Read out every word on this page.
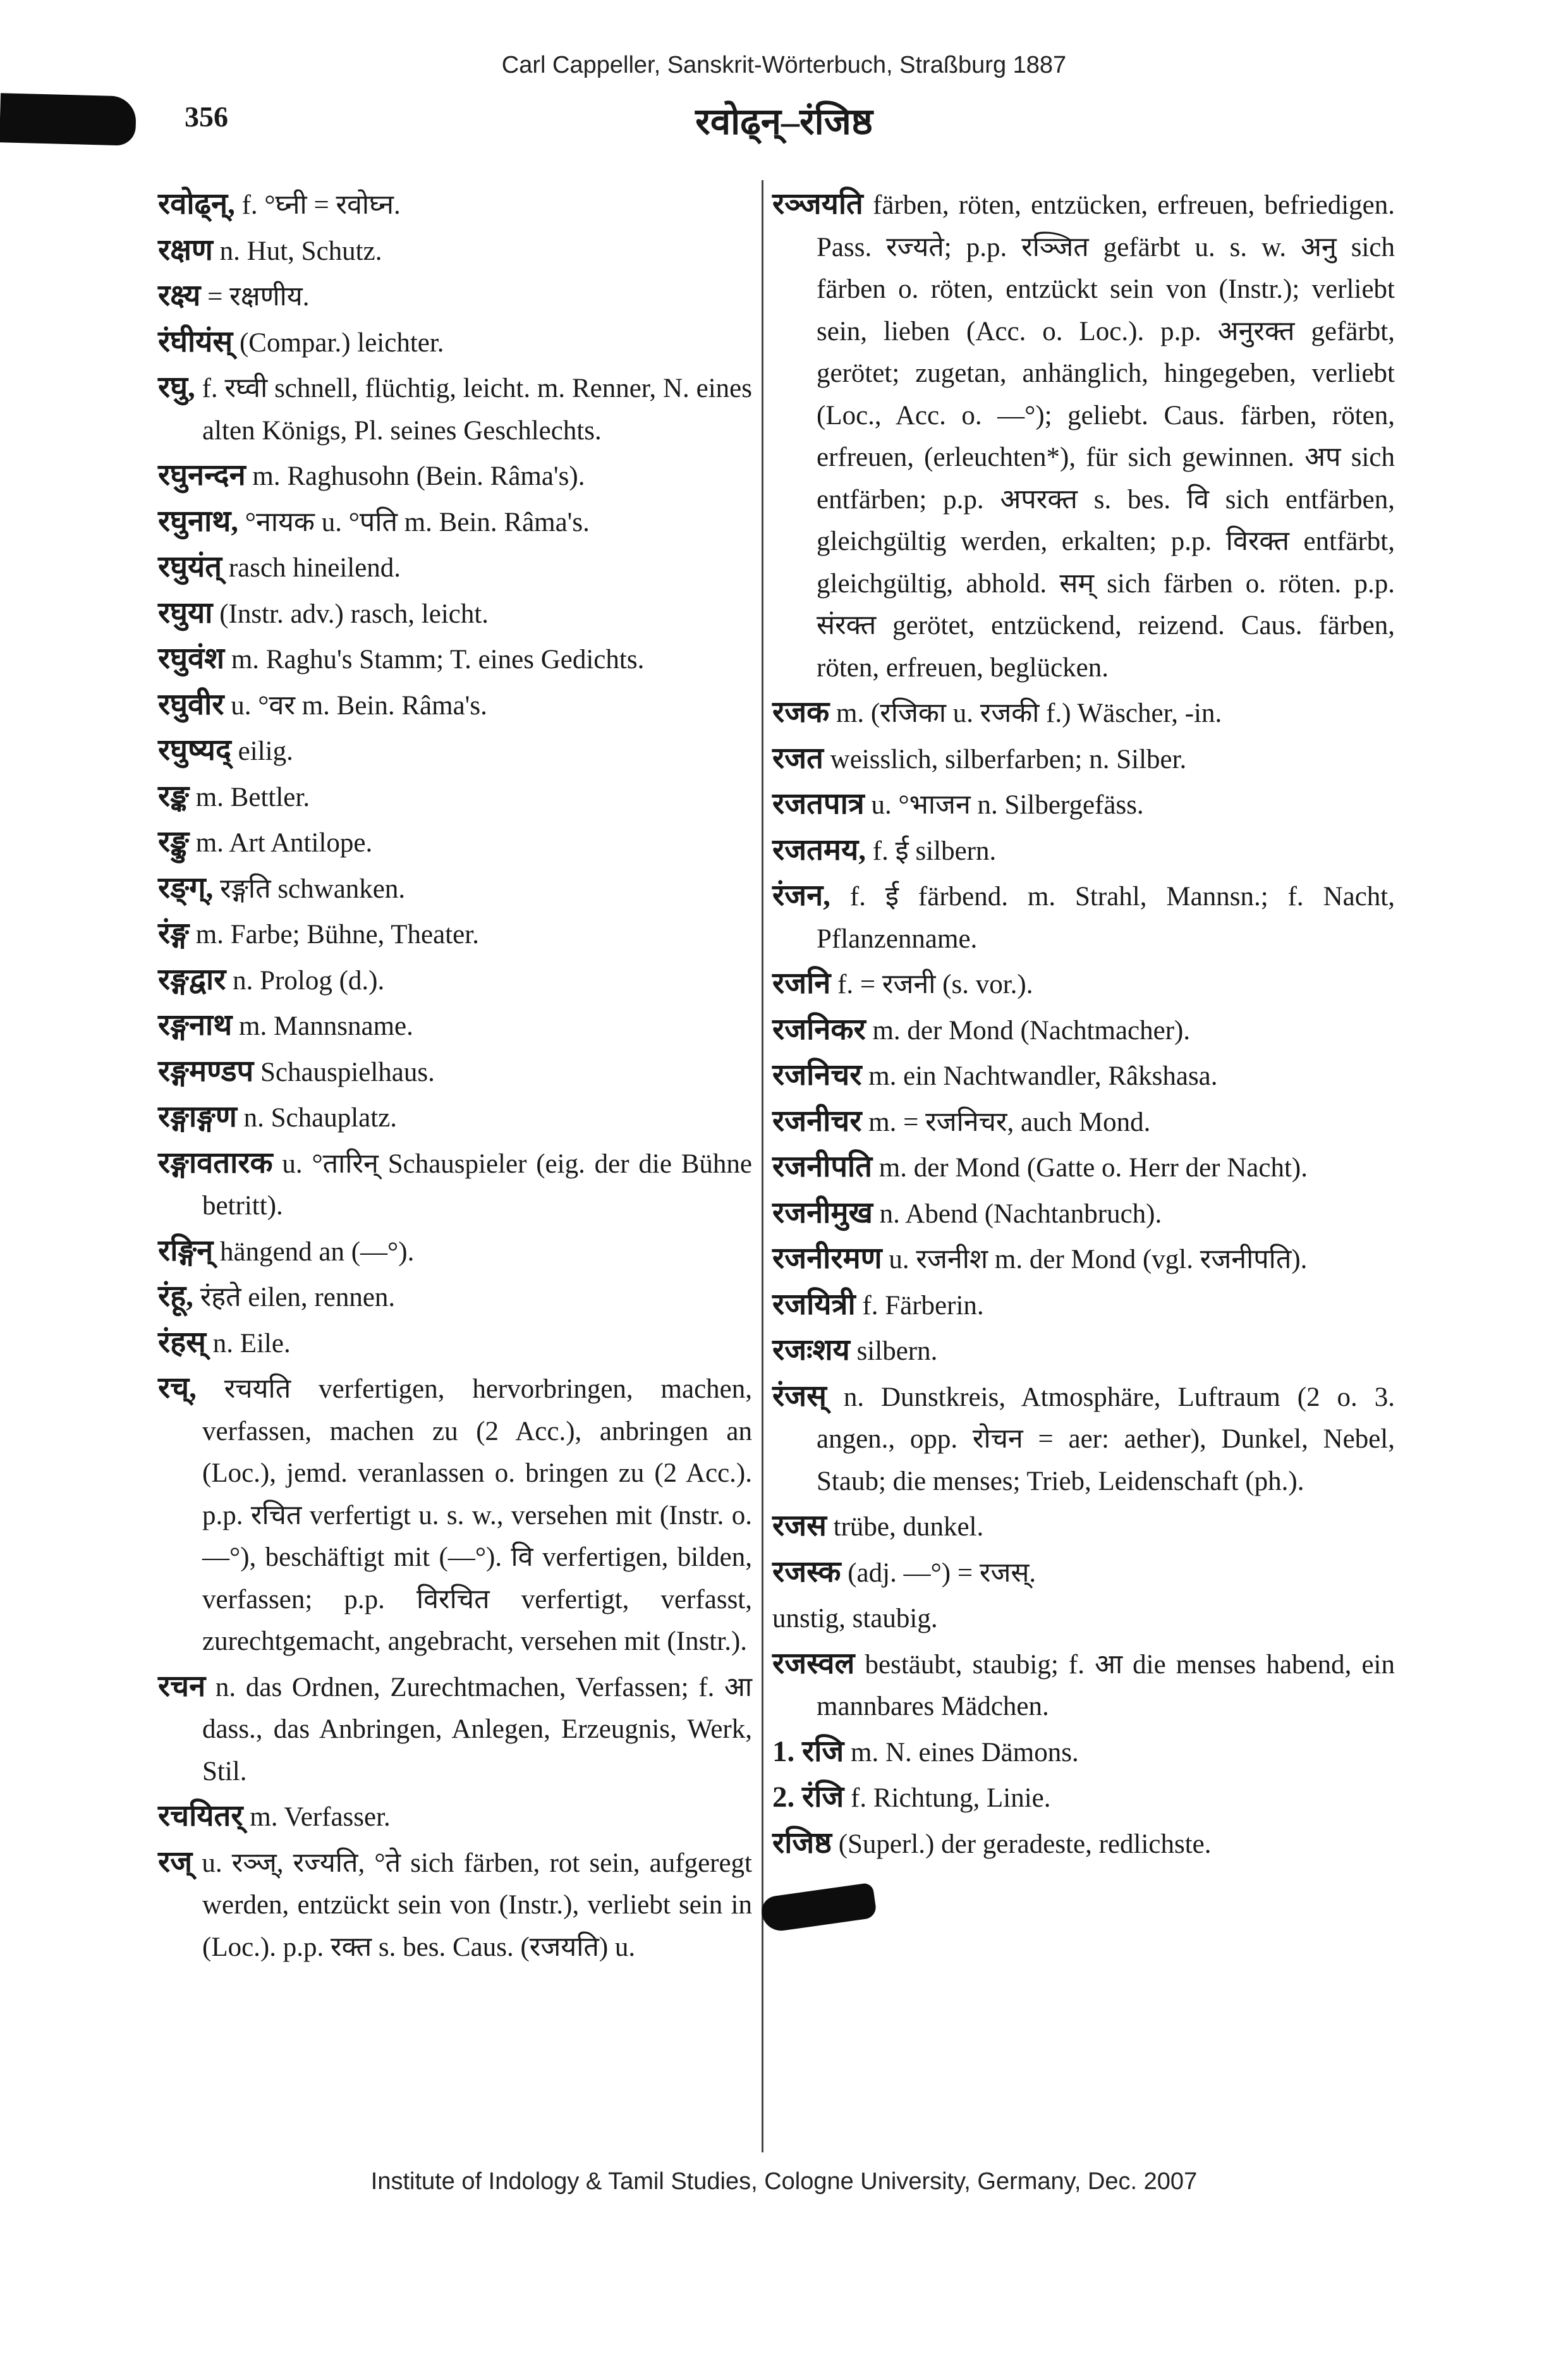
Carl Cappeller, Sanskrit-Wörterbuch, Straßburg 1887
356	रवोढ्न्–रंजिष्ठ

रवोढ्न्, f. °घ्नी = रवोघ्न.

रक्षण n. Hut, Schutz.

रक्ष्य = रक्षणीय.

रंघीयंस् (Compar.) leichter.

रघु, f. रघ्वी schnell, flüchtig, leicht. m. Renner, N. eines alten Königs, Pl. seines Geschlechts.

रघुनन्दन m. Raghusohn (Bein. Râma's).

रघुनाथ, °नायक u. °पति m. Bein. Râma's.

रघुयंत् rasch hineilend.

रघुया (Instr. adv.) rasch, leicht.

रघुवंश m. Raghu's Stamm; T. eines Gedichts.

रघुवीर u. °वर m. Bein. Râma's.

रघुष्यद् eilig.

रङ्क m. Bettler.

रङ्कु m. Art Antilope.

रङ्ग्, रङ्गति schwanken.

रंङ्ग m. Farbe; Bühne, Theater.

रङ्गद्वार n. Prolog (d.).

रङ्गनाथ m. Mannsname.

रङ्गमण्डप Schauspielhaus.

रङ्गाङ्गण n. Schauplatz.

रङ्गावतारक u. °तारिन् Schauspieler (eig. der die Bühne betritt).

रङ्गिन् hängend an (—°).

रंहू, रंहते eilen, rennen.

रंहस् n. Eile.

रच्, रचयति verfertigen, hervorbringen, machen, verfassen, machen zu (2 Acc.), anbringen an (Loc.), jemd. veranlassen o. bringen zu (2 Acc.). p.p. रचित verfertigt u. s. w., versehen mit (Instr. o. —°), beschäftigt mit (—°). वि verfertigen, bilden, verfassen; p.p. विरचित verfertigt, verfasst, zurechtgemacht, angebracht, versehen mit (Instr.).

रचन n. das Ordnen, Zurechtmachen, Verfassen; f. आ dass., das Anbringen, Anlegen, Erzeugnis, Werk, Stil.

रचयितर् m. Verfasser.

रज् u. रञ्ज्, रज्यति, °ते sich färben, rot sein, aufgeregt werden, entzückt sein von (Instr.), verliebt sein in (Loc.). p.p. रक्त s. bes. Caus. (रजयति) u.

रञ्जयति färben, röten, entzücken, erfreuen, befriedigen. Pass. रज्यते; p.p. रञ्जित gefärbt u. s. w. अनु sich färben o. röten, entzückt sein von (Instr.); verliebt sein, lieben (Acc. o. Loc.). p.p. अनुरक्त gefärbt, gerötet; zugetan, anhänglich, hingegeben, verliebt (Loc., Acc. o. —°); geliebt. Caus. färben, röten, erfreuen, (erleuchten*), für sich gewinnen. अप sich entfärben; p.p. अपरक्त s. bes. वि sich entfärben, gleichgültig werden, erkalten; p.p. विरक्त entfärbt, gleichgültig, abhold. सम् sich färben o. röten. p.p. संरक्त gerötet, entzückend, reizend. Caus. färben, röten, erfreuen, beglücken.

रजक m. (रजिका u. रजकी f.) Wäscher, -in.

रजत weisslich, silberfarben; n. Silber.

रजतपात्र u. °भाजन n. Silbergefäss.

रजतमय, f. ई silbern.

रंजन, f. ई färbend. m. Strahl, Mannsn.; f. Nacht, Pflanzenname.

रजनि f. = रजनी (s. vor.).

रजनिकर m. der Mond (Nachtmacher).

रजनिचर m. ein Nachtwandler, Râkshasa.

रजनीचर m. = रजनिचर, auch Mond.

रजनीपति m. der Mond (Gatte o. Herr der Nacht).

रजनीमुख n. Abend (Nachtanbruch).

रजनीरमण u. रजनीश m. der Mond (vgl. रजनीपति).

रजयित्री f. Färberin.

रजःशय silbern.

रंजस् n. Dunstkreis, Atmosphäre, Luftraum (2 o. 3. angen., opp. रोचन = aer: aether), Dunkel, Nebel, Staub; die menses; Trieb, Leidenschaft (ph.).

रजस trübe, dunkel.

रजस्क (adj. —°) = रजस्.

unstig, staubig.

रजस्वल bestäubt, staubig; f. आ die menses habend, ein mannbares Mädchen.

1. रजि m. N. eines Dämons.

2. रंजि f. Richtung, Linie.

रजिष्ठ (Superl.) der geradeste, redlichste.

Institute of Indology & Tamil Studies, Cologne University, Germany, Dec. 2007
